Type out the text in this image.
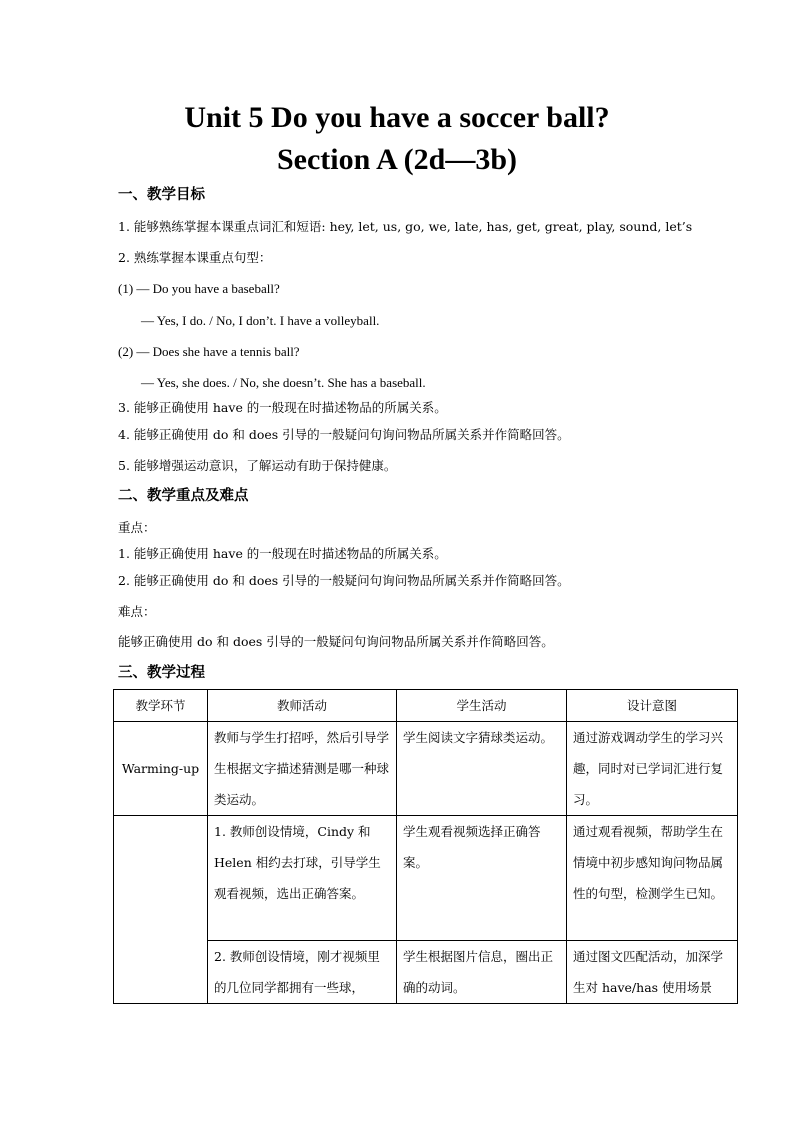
Unit 5 Do you have a soccer ball?
Section A (2d—3b)
一、教学目标
1. 能够熟练掌握本课重点词汇和短语: hey, let, us, go, we, late, has, get, great, play, sound, let’s
2. 熟练掌握本课重点句型：
(1) — Do you have a baseball?
— Yes, I do. / No, I don’t. I have a volleyball.
(2) — Does she have a tennis ball?
— Yes, she does. / No, she doesn’t. She has a baseball.
3. 能够正确使用 have 的一般现在时描述物品的所属关系。
4. 能够正确使用 do 和 does 引导的一般疑问句询问物品所属关系并作简略回答。
5. 能够增强运动意识，了解运动有助于保持健康。
二、教学重点及难点
重点：
1. 能够正确使用 have 的一般现在时描述物品的所属关系。
2. 能够正确使用 do 和 does 引导的一般疑问句询问物品所属关系并作简略回答。
难点：
能够正确使用 do 和 does 引导的一般疑问句询问物品所属关系并作简略回答。
三、教学过程
教学环节	教师活动	学生活动	设计意图
Warming-up	教师与学生打招呼，然后引导学生根据文字描述猜测是哪一种球类运动。	学生阅读文字猜球类运动。	通过游戏调动学生的学习兴趣，同时对已学词汇进行复习。
	1. 教师创设情境，Cindy 和 Helen 相约去打球，引导学生观看视频，选出正确答案。	学生观看视频选择正确答案。	通过观看视频，帮助学生在情境中初步感知询问物品属性的句型，检测学生已知。
	2. 教师创设情境，刚才视频里的几位同学都拥有一些球，	学生根据图片信息，圈出正确的动词。	通过图文匹配活动，加深学生对 have/has 使用场景
